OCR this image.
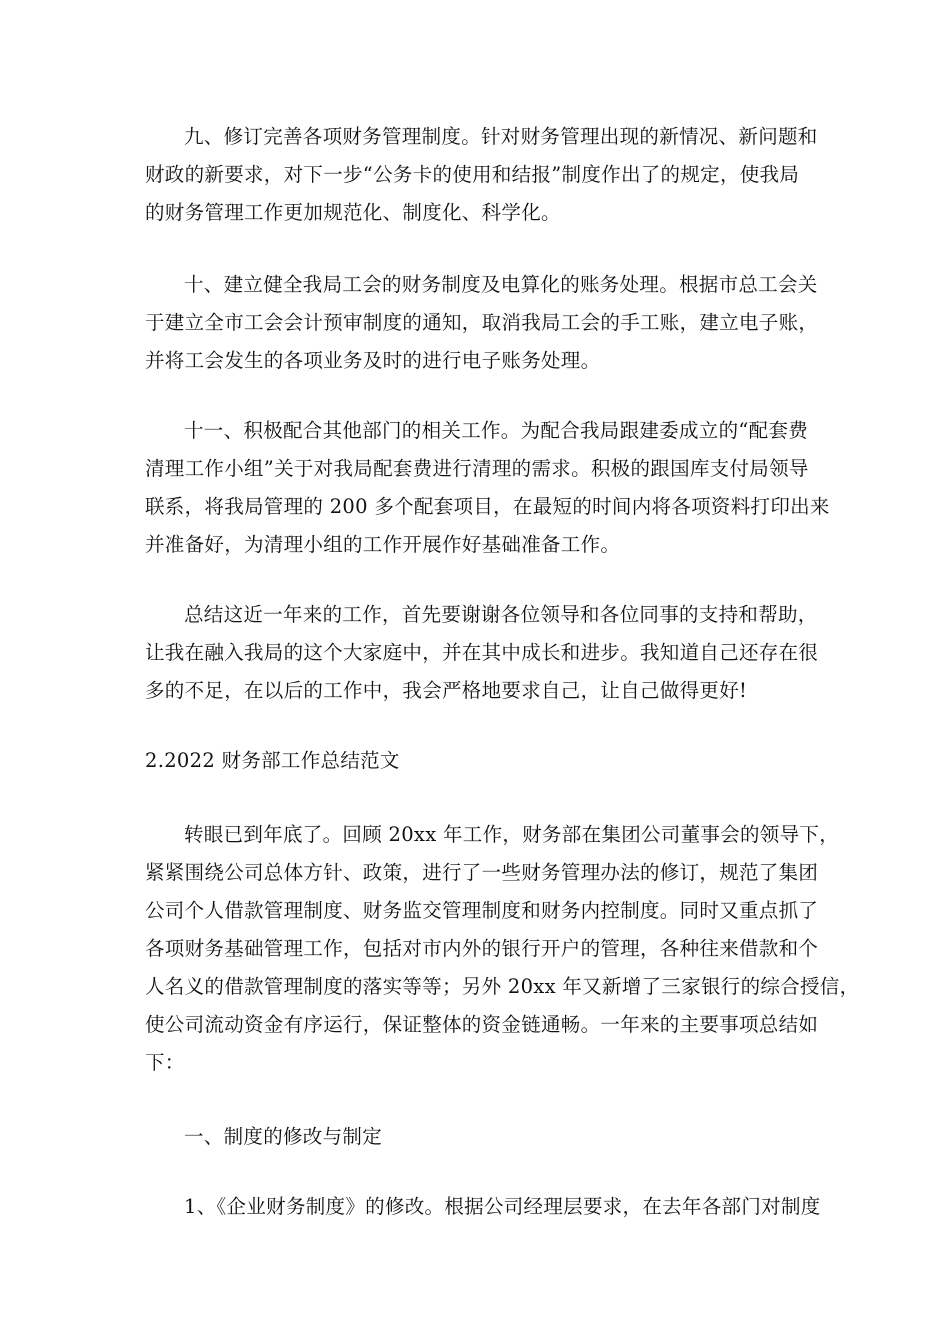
九、修订完善各项财务管理制度。针对财务管理出现的新情况、新问题和
财政的新要求，对下一步“公务卡的使用和结报”制度作出了的规定，使我局
的财务管理工作更加规范化、制度化、科学化。
十、建立健全我局工会的财务制度及电算化的账务处理。根据市总工会关
于建立全市工会会计预审制度的通知，取消我局工会的手工账，建立电子账，
并将工会发生的各项业务及时的进行电子账务处理。
十一、积极配合其他部门的相关工作。为配合我局跟建委成立的“配套费
清理工作小组”关于对我局配套费进行清理的需求。积极的跟国库支付局领导
联系，将我局管理的 200 多个配套项目，在最短的时间内将各项资料打印出来
并准备好，为清理小组的工作开展作好基础准备工作。
总结这近一年来的工作，首先要谢谢各位领导和各位同事的支持和帮助，
让我在融入我局的这个大家庭中，并在其中成长和进步。我知道自己还存在很
多的不足，在以后的工作中，我会严格地要求自己，让自己做得更好!
2.2022 财务部工作总结范文
转眼已到年底了。回顾 20xx 年工作，财务部在集团公司董事会的领导下，
紧紧围绕公司总体方针、政策，进行了一些财务管理办法的修订，规范了集团
公司个人借款管理制度、财务监交管理制度和财务内控制度。同时又重点抓了
各项财务基础管理工作，包括对市内外的银行开户的管理，各种往来借款和个
人名义的借款管理制度的落实等等；另外 20xx 年又新增了三家银行的综合授信，
使公司流动资金有序运行，保证整体的资金链通畅。一年来的主要事项总结如
下：
一、制度的修改与制定
1、《企业财务制度》的修改。根据公司经理层要求，在去年各部门对制度
